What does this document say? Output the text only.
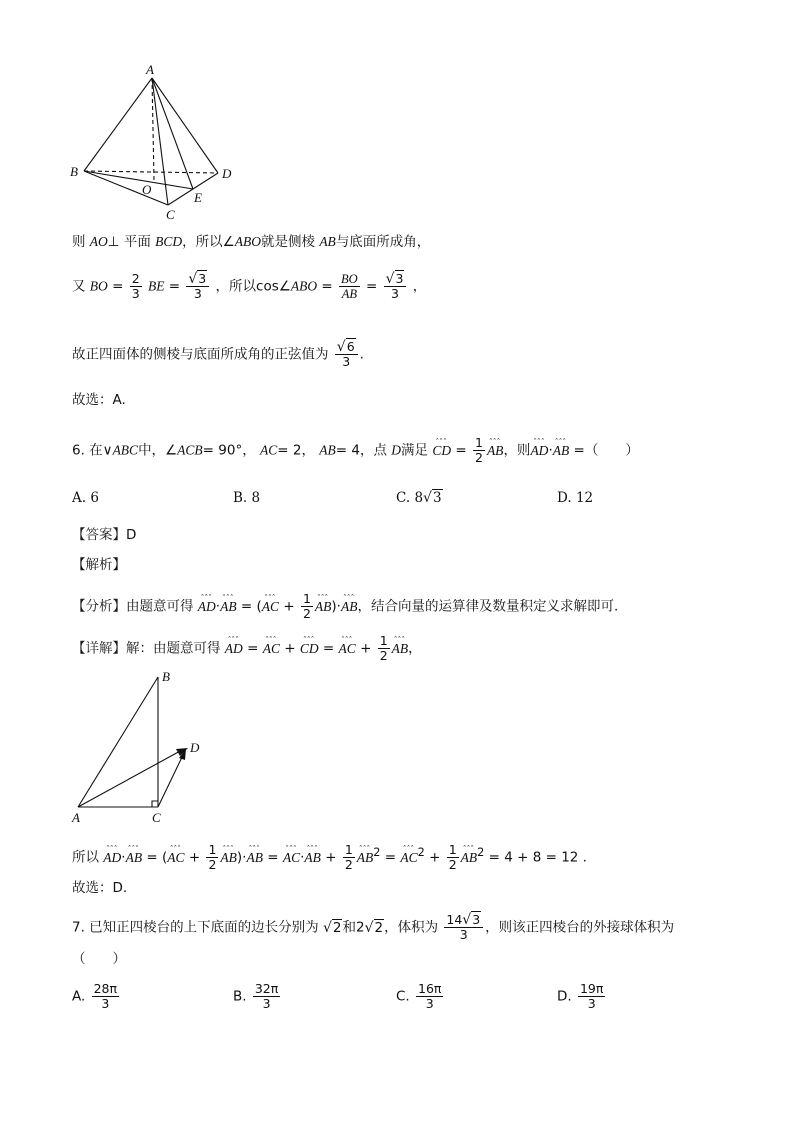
A
B
C
D
O
E
则 AO⊥ 平面 BCD，所以∠ABO就是侧棱 AB与底面所成角，
又 BO = $\frac{2}{3}$ BE = $\frac{√3}{3}$ ，所以cos∠ABO = $\frac{BO}{AB} = \frac{√3}{3}$ ，
故正四面体的侧棱与底面所成角的正弦值为 $\frac{√6}{3}$ .
故选：A.
6. 在∨ABC中，∠ACB= 90°， AC= 2， AB= 4，点 D满足
ꞈꞈꞈ
CD = $\frac{1}{2}$
ꞈꞈꞈ
AB，则
ꞈꞈꞈ
AD·
ꞈꞈꞈ
AB =（　　）
A. 6	B. 8	C. 8√3	D. 12
【答案】D
【解析】
【分析】由题意可得
ꞈꞈꞈ
AD·
ꞈꞈꞈ
AB = (
ꞈꞈꞈ
AC + $\frac{1}{2}$
ꞈꞈꞈ
AB)·
ꞈꞈꞈ
AB，结合向量的运算律及数量积定义求解即可.
【详解】解：由题意可得
ꞈꞈꞈ
AD =
ꞈꞈꞈ
AC +
ꞈꞈꞈ
CD =
ꞈꞈꞈ
AC + $\frac{1}{2}$
ꞈꞈꞈ
AB，
A
B
C
D
所以
ꞈꞈꞈ
AD·
ꞈꞈꞈ
AB = (
ꞈꞈꞈ
AC + $\frac{1}{2}$
ꞈꞈꞈ
AB)·
ꞈꞈꞈ
AB =
ꞈꞈꞈ
AC·
ꞈꞈꞈ
AB + $\frac{1}{2}$
ꞈꞈꞈ
$AB^2$ =
ꞈꞈꞈ
$AC^2 + \frac{1}{2}$
ꞈꞈꞈ
$AB^2 = 4 + 8 = 12$ .
故选：D.
7. 已知正四棱台的上下底面的边长分别为 √2和2√2，体积为 $\frac{14√3}{3}$ ，则该正四棱台的外接球体积为
（　　）
A. $\frac{28\pi}{3}$	B. $\frac{32\pi}{3}$	C. $\frac{16\pi}{3}$	D. $\frac{19\pi}{3}$
